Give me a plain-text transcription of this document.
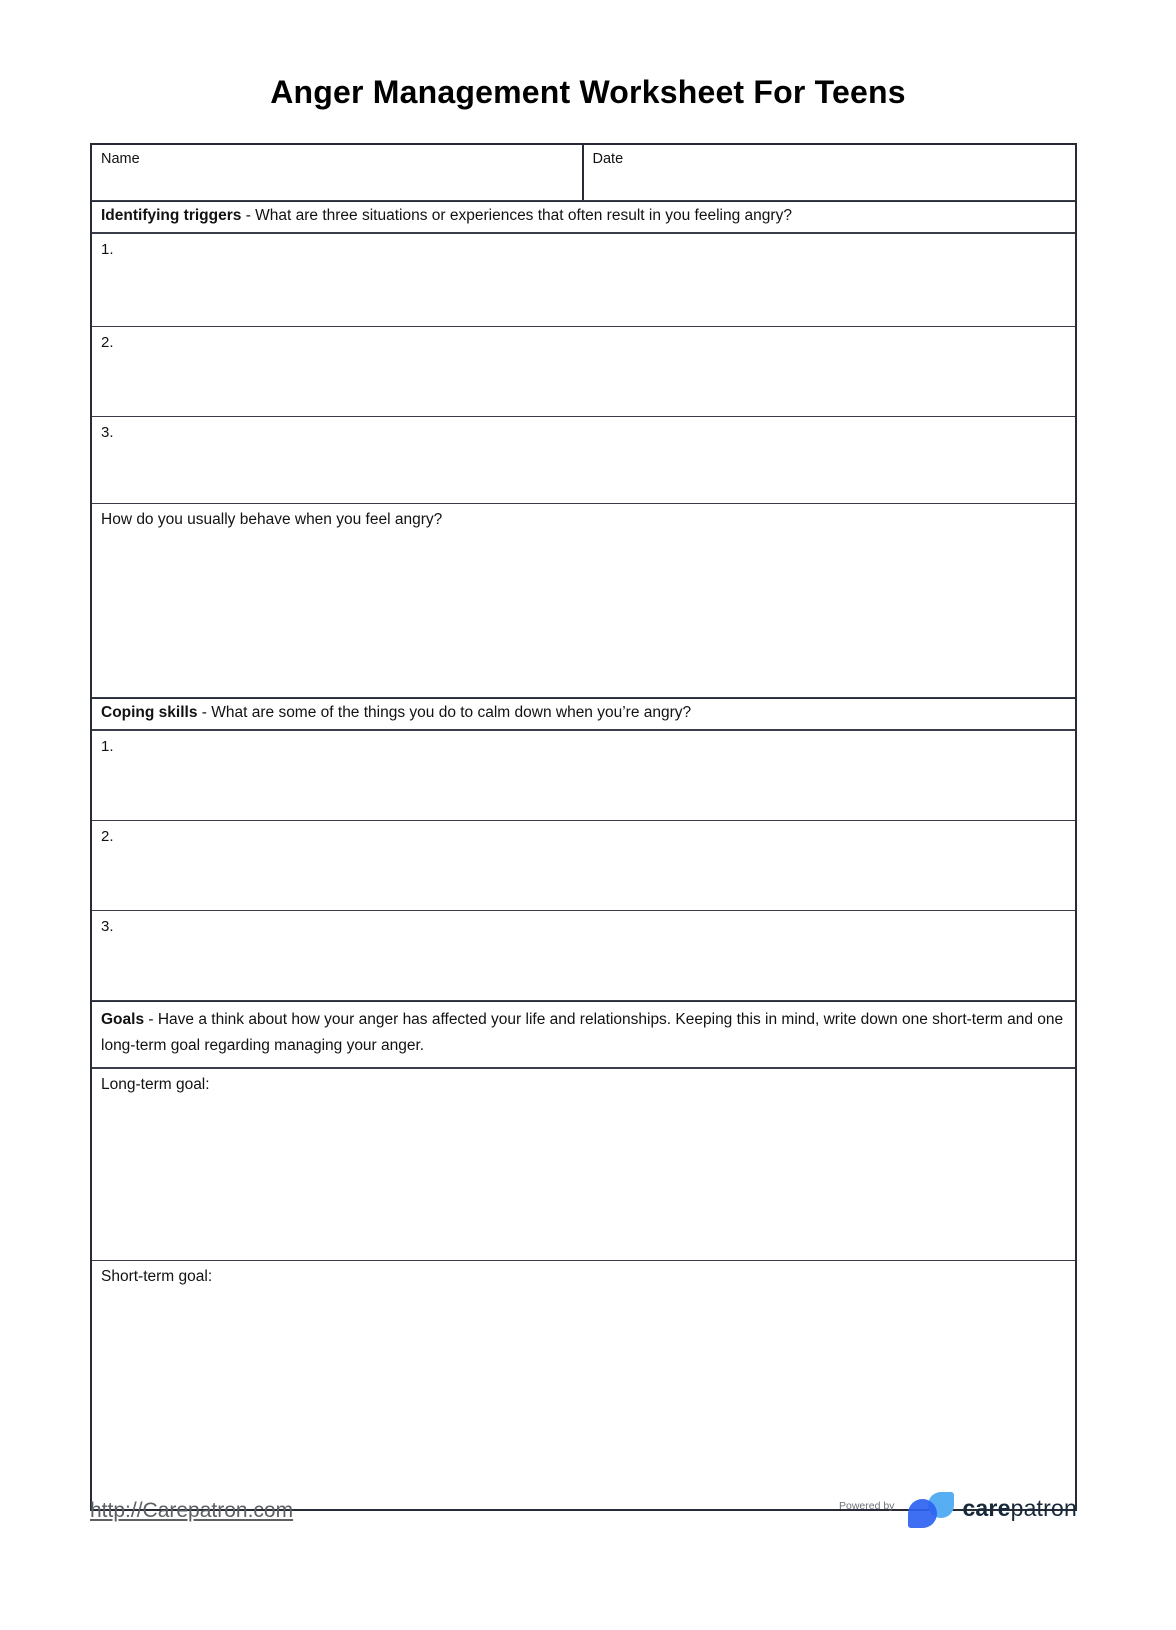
Anger Management Worksheet For Teens
Name	Date
Identifying triggers - What are three situations or experiences that often result in you feeling angry?
1.
2.
3.
How do you usually behave when you feel angry?
Coping skills - What are some of the things you do to calm down when you’re angry?
1.
2.
3.
Goals - Have a think about how your anger has affected your life and relationships. Keeping this in mind, write down one short-term and one long-term goal regarding managing your anger.
Long-term goal:
Short-term goal:
http://Carepatron.com	Powered by	carepatron
